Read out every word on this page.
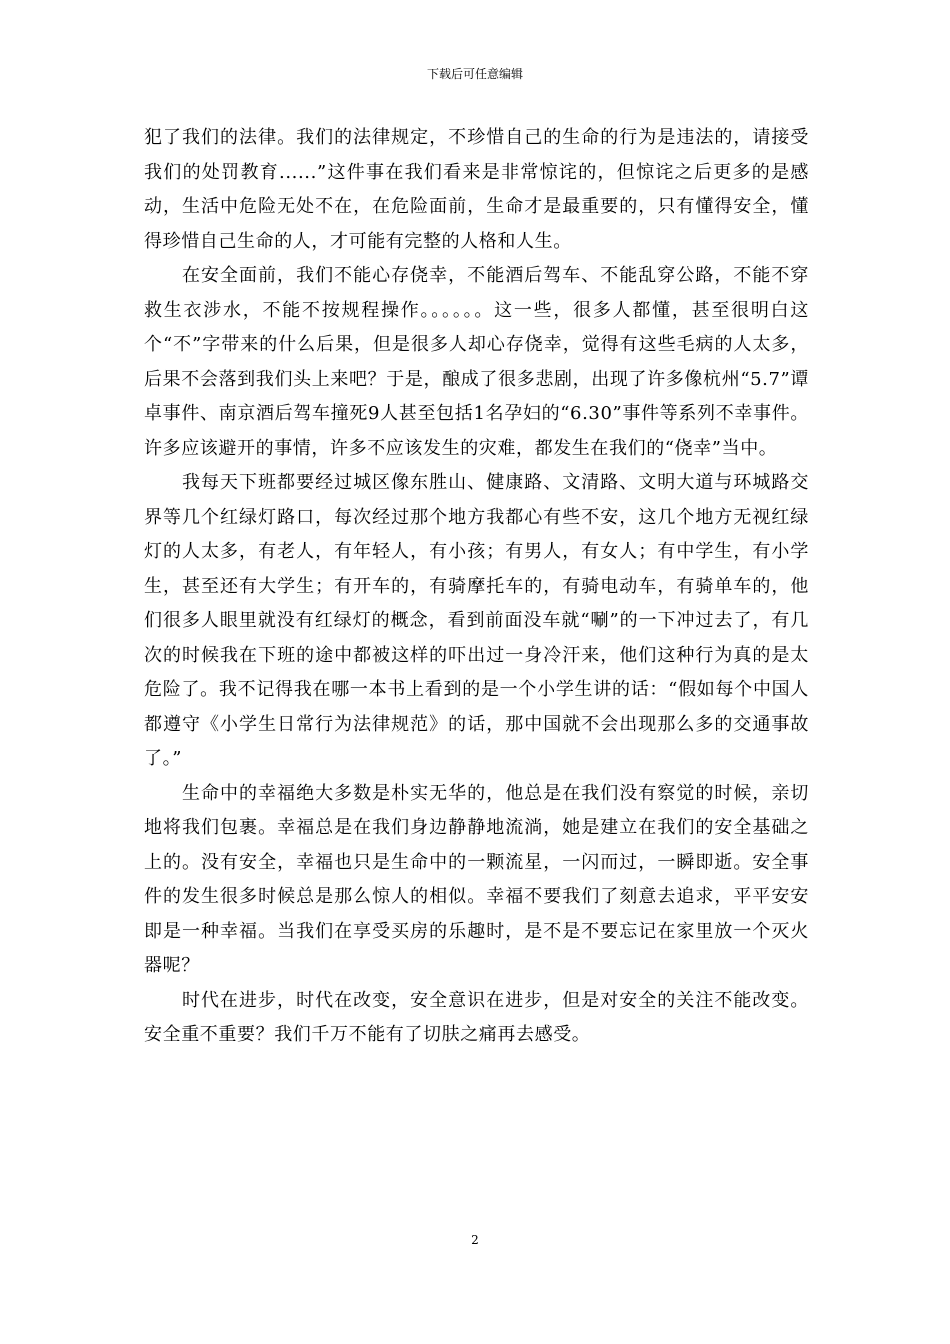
下载后可任意编辑

犯了我们的法律。我们的法律规定，不珍惜自己的生命的行为是违法的，请接受我们的处罚教育......”这件事在我们看来是非常惊诧的，但惊诧之后更多的是感动，生活中危险无处不在，在危险面前，生命才是最重要的，只有懂得安全，懂得珍惜自己生命的人，才可能有完整的人格和人生。

在安全面前，我们不能心存侥幸，不能酒后驾车、不能乱穿公路，不能不穿救生衣涉水，不能不按规程操作。。。。。。这一些，很多人都懂，甚至很明白这个“不”字带来的什么后果，但是很多人却心存侥幸，觉得有这些毛病的人太多，后果不会落到我们头上来吧？于是，酿成了很多悲剧，出现了许多像杭州“5.7”谭卓事件、南京酒后驾车撞死9人甚至包括1名孕妇的“6.30”事件等系列不幸事件。许多应该避开的事情，许多不应该发生的灾难，都发生在我们的“侥幸”当中。

我每天下班都要经过城区像东胜山、健康路、文清路、文明大道与环城路交界等几个红绿灯路口，每次经过那个地方我都心有些不安，这几个地方无视红绿灯的人太多，有老人，有年轻人，有小孩；有男人，有女人；有中学生，有小学生，甚至还有大学生；有开车的，有骑摩托车的，有骑电动车，有骑单车的，他们很多人眼里就没有红绿灯的概念，看到前面没车就“唰”的一下冲过去了，有几次的时候我在下班的途中都被这样的吓出过一身冷汗来，他们这种行为真的是太危险了。我不记得我在哪一本书上看到的是一个小学生讲的话：“假如每个中国人都遵守《小学生日常行为法律规范》的话，那中国就不会出现那么多的交通事故了。”

生命中的幸福绝大多数是朴实无华的，他总是在我们没有察觉的时候，亲切地将我们包裹。幸福总是在我们身边静静地流淌，她是建立在我们的安全基础之上的。没有安全，幸福也只是生命中的一颗流星，一闪而过，一瞬即逝。安全事件的发生很多时候总是那么惊人的相似。幸福不要我们了刻意去追求，平平安安即是一种幸福。当我们在享受买房的乐趣时，是不是不要忘记在家里放一个灭火器呢？

时代在进步，时代在改变，安全意识在进步，但是对安全的关注不能改变。安全重不重要？我们千万不能有了切肤之痛再去感受。

2
